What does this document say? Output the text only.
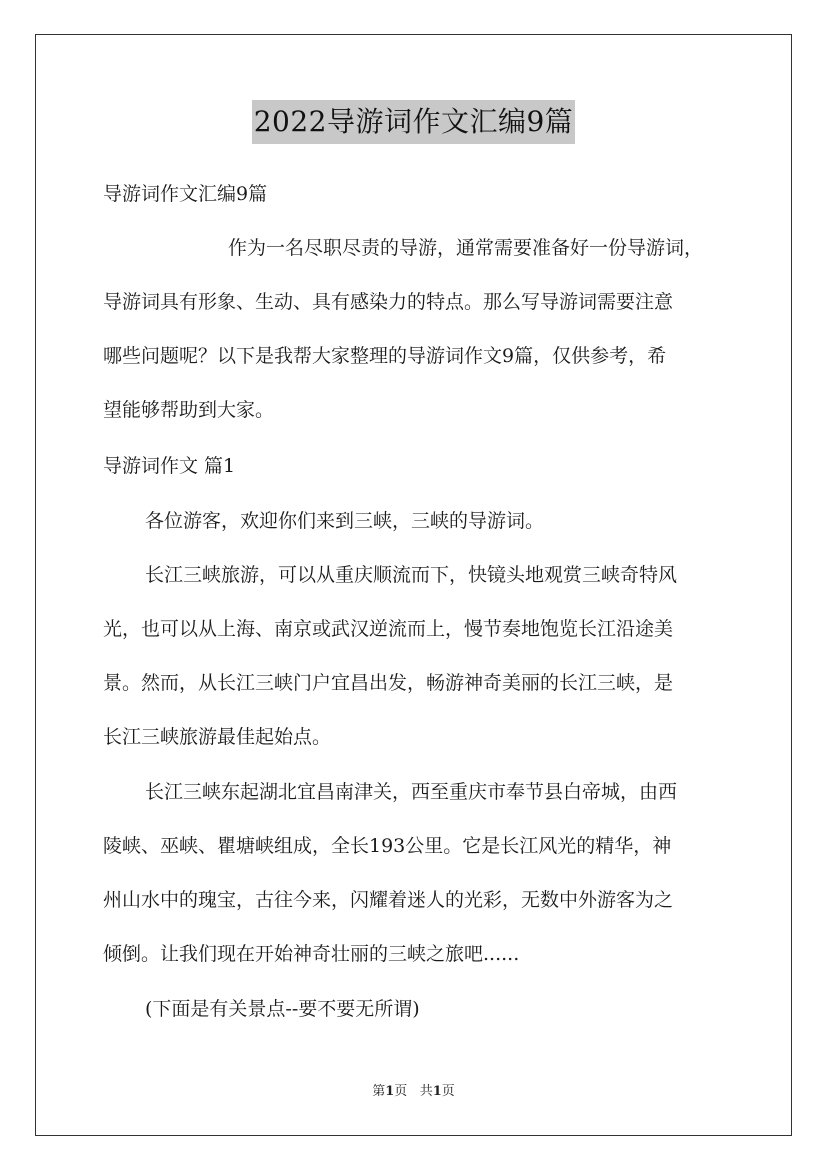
2022导游词作文汇编9篇
导游词作文汇编9篇
作为一名尽职尽责的导游，通常需要准备好一份导游词，
导游词具有形象、生动、具有感染力的特点。那么写导游词需要注意
哪些问题呢？以下是我帮大家整理的导游词作文9篇，仅供参考，希
望能够帮助到大家。
导游词作文 篇1
各位游客，欢迎你们来到三峡，三峡的导游词。
长江三峡旅游，可以从重庆顺流而下，快镜头地观赏三峡奇特风
光，也可以从上海、南京或武汉逆流而上，慢节奏地饱览长江沿途美
景。然而，从长江三峡门户宜昌出发，畅游神奇美丽的长江三峡，是
长江三峡旅游最佳起始点。
长江三峡东起湖北宜昌南津关，西至重庆市奉节县白帝城，由西
陵峡、巫峡、瞿塘峡组成，全长193公里。它是长江风光的精华，神
州山水中的瑰宝，古往今来，闪耀着迷人的光彩，无数中外游客为之
倾倒。让我们现在开始神奇壮丽的三峡之旅吧......
(下面是有关景点--要不要无所谓)
第1页 共1页
